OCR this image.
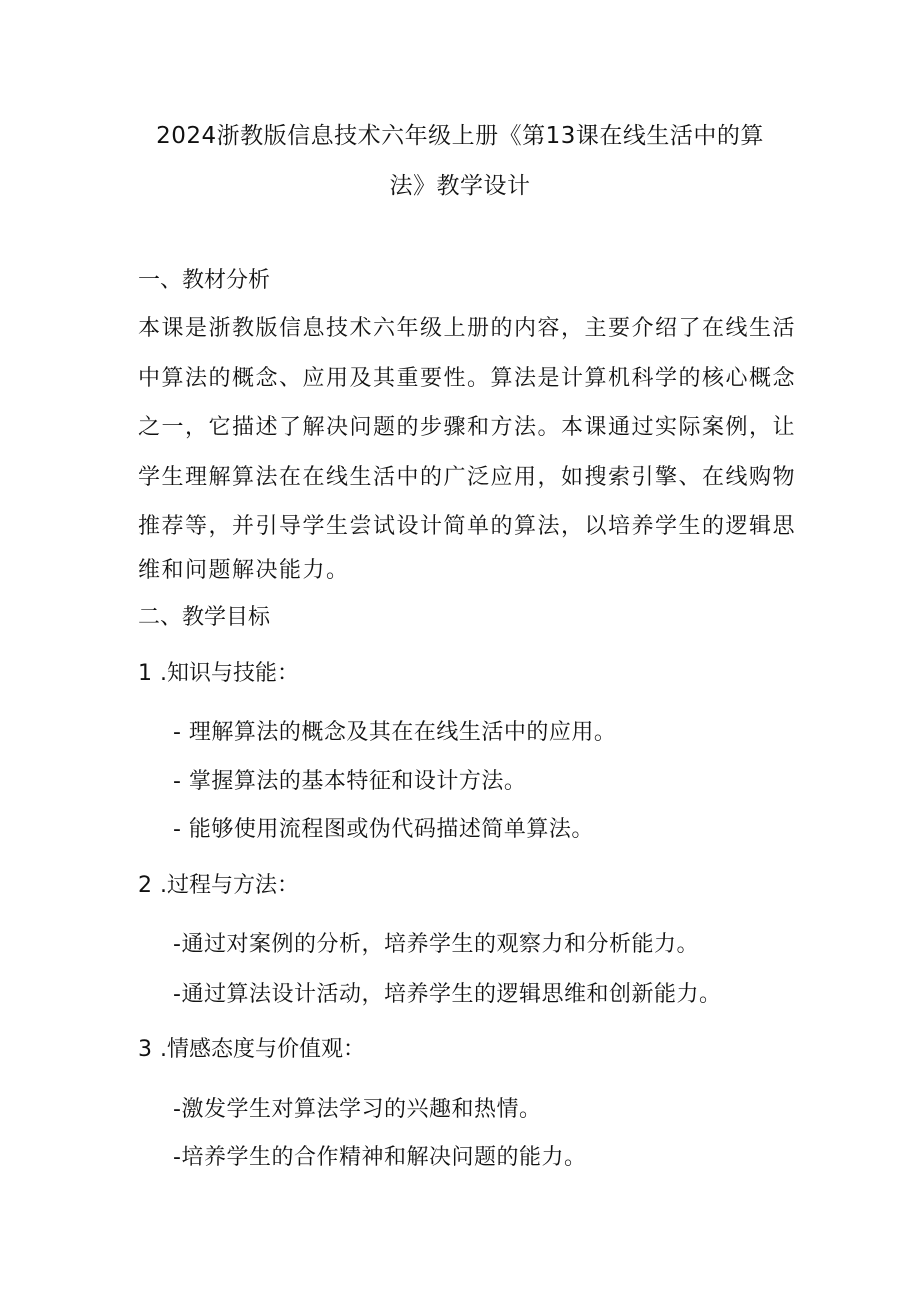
2024浙教版信息技术六年级上册《第13课在线生活中的算
法》教学设计
一、教材分析
本课是浙教版信息技术六年级上册的内容，主要介绍了在线生活
中算法的概念、应用及其重要性。算法是计算机科学的核心概念
之一，它描述了解决问题的步骤和方法。本课通过实际案例，让
学生理解算法在在线生活中的广泛应用，如搜索引擎、在线购物
推荐等，并引导学生尝试设计简单的算法，以培养学生的逻辑思
维和问题解决能力。
二、教学目标
1 .知识与技能：
- 理解算法的概念及其在在线生活中的应用。
- 掌握算法的基本特征和设计方法。
- 能够使用流程图或伪代码描述简单算法。
2 .过程与方法：
-通过对案例的分析，培养学生的观察力和分析能力。
-通过算法设计活动，培养学生的逻辑思维和创新能力。
3 .情感态度与价值观：
-激发学生对算法学习的兴趣和热情。
-培养学生的合作精神和解决问题的能力。
